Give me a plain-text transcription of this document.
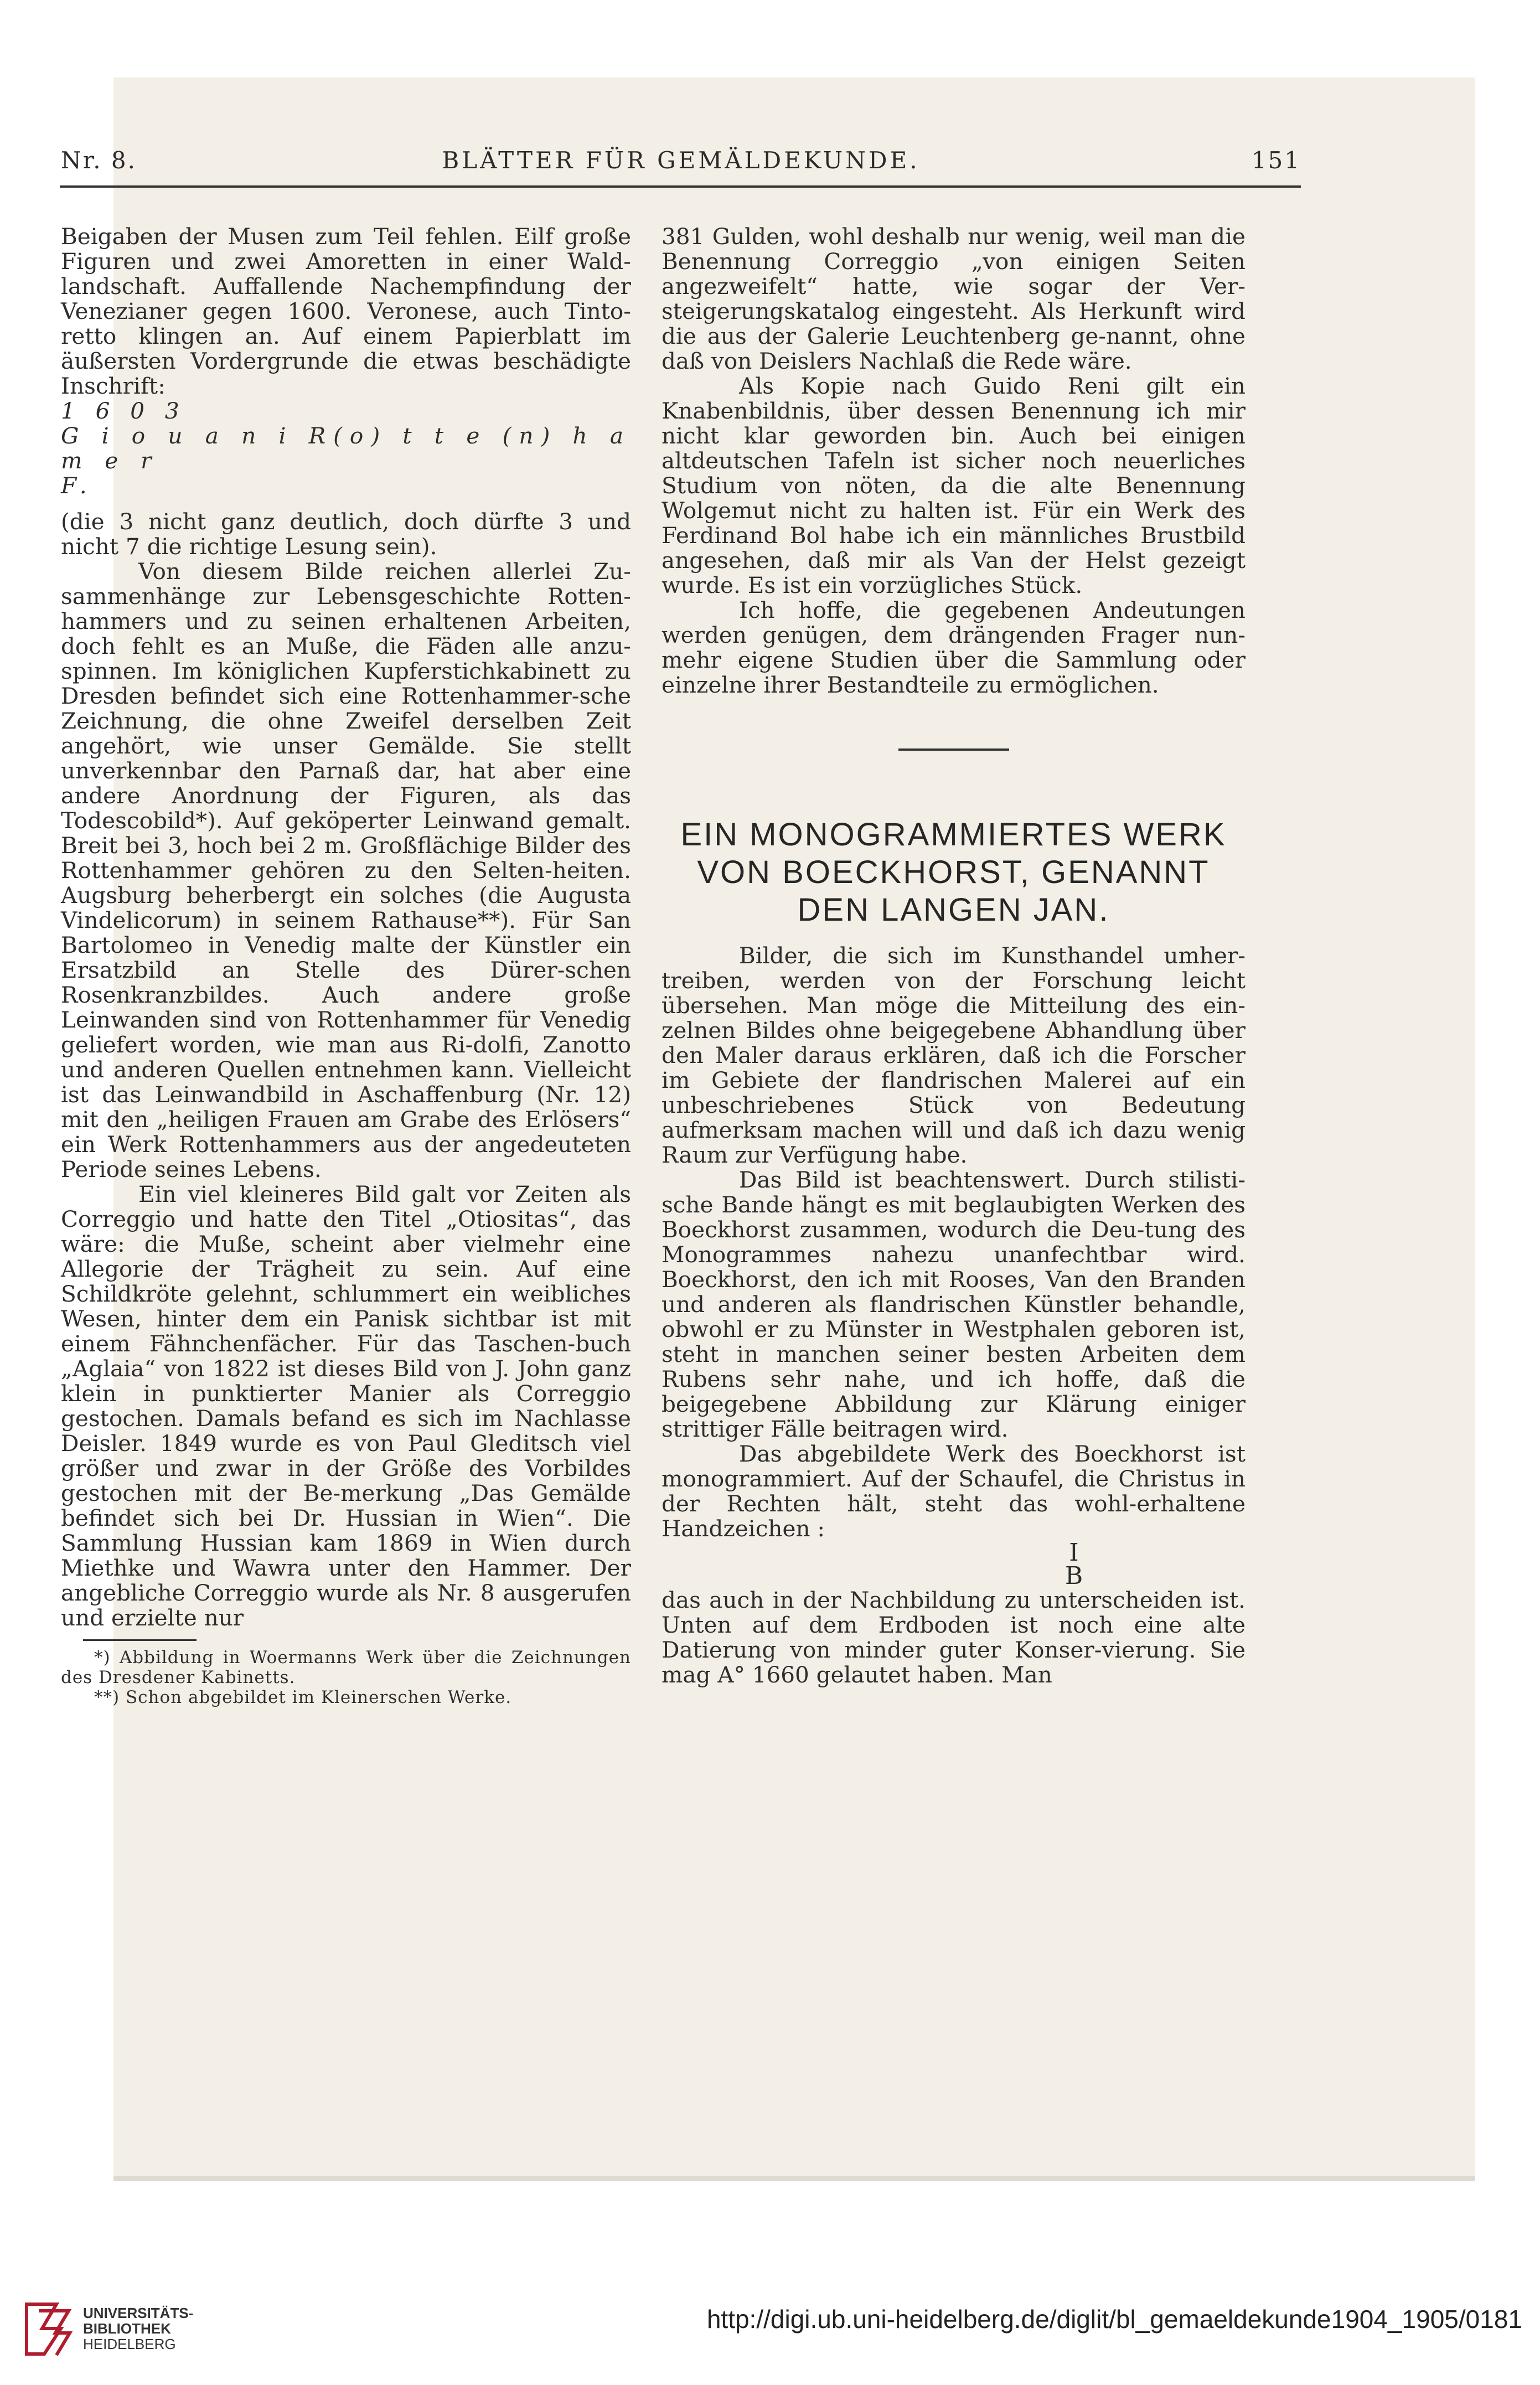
Nr. 8.	BLÄTTER FÜR GEMÄLDEKUNDE.	151

Beigaben der Musen zum Teil fehlen. Eilf große Figuren und zwei Amoretten in einer Wald-landschaft. Auffallende Nachempfindung der Venezianer gegen 1600. Veronese, auch Tinto-retto klingen an. Auf einem Papierblatt im äußersten Vordergrunde die etwas beschädigte Inschrift:

1 6 0 3

G i o u a n i R(o) t t e (n) h a m e r

F.

(die 3 nicht ganz deutlich, doch dürfte 3 und nicht 7 die richtige Lesung sein).

Von diesem Bilde reichen allerlei Zu-sammenhänge zur Lebensgeschichte Rotten-hammers und zu seinen erhaltenen Arbeiten, doch fehlt es an Muße, die Fäden alle anzu-spinnen. Im königlichen Kupferstichkabinett zu Dresden befindet sich eine Rottenhammer-sche Zeichnung, die ohne Zweifel derselben Zeit angehört, wie unser Gemälde. Sie stellt unverkennbar den Parnaß dar, hat aber eine andere Anordnung der Figuren, als das Todescobild*). Auf geköperter Leinwand gemalt. Breit bei 3, hoch bei 2 m. Großflächige Bilder des Rottenhammer gehören zu den Selten-heiten. Augsburg beherbergt ein solches (die Augusta Vindelicorum) in seinem Rathause**). Für San Bartolomeo in Venedig malte der Künstler ein Ersatzbild an Stelle des Dürer-schen Rosenkranzbildes. Auch andere große Leinwanden sind von Rottenhammer für Venedig geliefert worden, wie man aus Ri-dolfi, Zanotto und anderen Quellen entnehmen kann. Vielleicht ist das Leinwandbild in Aschaffenburg (Nr. 12) mit den „heiligen Frauen am Grabe des Erlösers“ ein Werk Rottenhammers aus der angedeuteten Periode seines Lebens.

Ein viel kleineres Bild galt vor Zeiten als Correggio und hatte den Titel „Otiositas“, das wäre: die Muße, scheint aber vielmehr eine Allegorie der Trägheit zu sein. Auf eine Schildkröte gelehnt, schlummert ein weibliches Wesen, hinter dem ein Panisk sichtbar ist mit einem Fähnchenfächer. Für das Taschen-buch „Aglaia“ von 1822 ist dieses Bild von J. John ganz klein in punktierter Manier als Correggio gestochen. Damals befand es sich im Nachlasse Deisler. 1849 wurde es von Paul Gleditsch viel größer und zwar in der Größe des Vorbildes gestochen mit der Be-merkung „Das Gemälde befindet sich bei Dr. Hussian in Wien“. Die Sammlung Hussian kam 1869 in Wien durch Miethke und Wawra unter den Hammer. Der angebliche Correggio wurde als Nr. 8 ausgerufen und erzielte nur

*) Abbildung in Woermanns Werk über die Zeichnungen des Dresdener Kabinetts.

**) Schon abgebildet im Kleinerschen Werke.

381 Gulden, wohl deshalb nur wenig, weil man die Benennung Correggio „von einigen Seiten angezweifelt“ hatte, wie sogar der Ver-steigerungskatalog eingesteht. Als Herkunft wird die aus der Galerie Leuchtenberg ge-nannt, ohne daß von Deislers Nachlaß die Rede wäre.

Als Kopie nach Guido Reni gilt ein Knabenbildnis, über dessen Benennung ich mir nicht klar geworden bin. Auch bei einigen altdeutschen Tafeln ist sicher noch neuerliches Studium von nöten, da die alte Benennung Wolgemut nicht zu halten ist. Für ein Werk des Ferdinand Bol habe ich ein männliches Brustbild angesehen, daß mir als Van der Helst gezeigt wurde. Es ist ein vorzügliches Stück.

Ich hoffe, die gegebenen Andeutungen werden genügen, dem drängenden Frager nun-mehr eigene Studien über die Sammlung oder einzelne ihrer Bestandteile zu ermöglichen.

EIN MONOGRAMMIERTES WERK
VON BOECKHORST, GENANNT
DEN LANGEN JAN.

Bilder, die sich im Kunsthandel umher-treiben, werden von der Forschung leicht übersehen. Man möge die Mitteilung des ein-zelnen Bildes ohne beigegebene Abhandlung über den Maler daraus erklären, daß ich die Forscher im Gebiete der flandrischen Malerei auf ein unbeschriebenes Stück von Bedeutung aufmerksam machen will und daß ich dazu wenig Raum zur Verfügung habe.

Das Bild ist beachtenswert. Durch stilisti-sche Bande hängt es mit beglaubigten Werken des Boeckhorst zusammen, wodurch die Deu-tung des Monogrammes nahezu unanfechtbar wird. Boeckhorst, den ich mit Rooses, Van den Branden und anderen als flandrischen Künstler behandle, obwohl er zu Münster in Westphalen geboren ist, steht in manchen seiner besten Arbeiten dem Rubens sehr nahe, und ich hoffe, daß die beigegebene Abbildung zur Klärung einiger strittiger Fälle beitragen wird.

Das abgebildete Werk des Boeckhorst ist monogrammiert. Auf der Schaufel, die Christus in der Rechten hält, steht das wohl-erhaltene Handzeichen :

I
B

das auch in der Nachbildung zu unterscheiden ist. Unten auf dem Erdboden ist noch eine alte Datierung von minder guter Konser-vierung. Sie mag A° 1660 gelautet haben. Man

UNIVERSITÄTS-
BIBLIOTHEK
HEIDELBERG
http://digi.ub.uni-heidelberg.de/diglit/bl_gemaeldekunde1904_1905/0181
